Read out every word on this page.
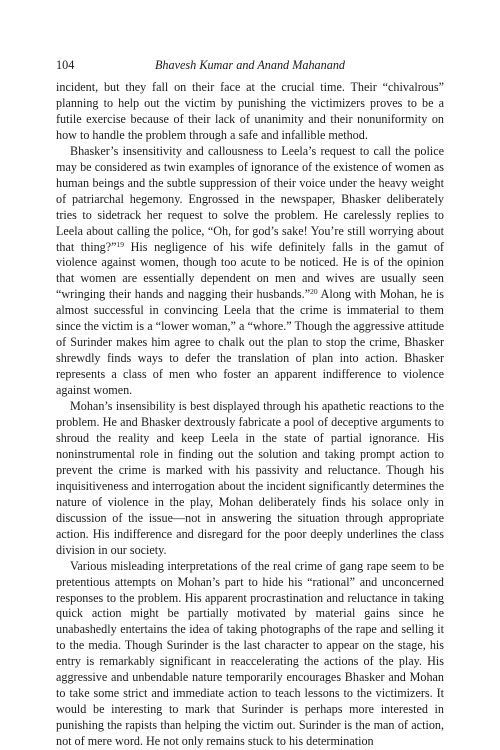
104	Bhavesh Kumar and Anand Mahanand

incident, but they fall on their face at the crucial time. Their “chivalrous” planning to help out the victim by punishing the victimizers proves to be a futile exercise because of their lack of unanimity and their nonuniformity on how to handle the problem through a safe and infallible method.

Bhasker’s insensitivity and callousness to Leela’s request to call the police may be considered as twin examples of ignorance of the existence of women as human beings and the subtle suppression of their voice under the heavy weight of patriarchal hegemony. Engrossed in the newspaper, Bhasker deliberately tries to sidetrack her request to solve the problem. He carelessly replies to Leela about calling the police, “Oh, for god’s sake! You’re still worrying about that thing?”$^{19}$ His negligence of his wife definitely falls in the gamut of violence against women, though too acute to be noticed. He is of the opinion that women are essentially dependent on men and wives are usually seen “wringing their hands and nagging their husbands.”$^{20}$ Along with Mohan, he is almost successful in convincing Leela that the crime is immaterial to them since the victim is a “lower woman,” a “whore.” Though the aggressive attitude of Surinder makes him agree to chalk out the plan to stop the crime, Bhasker shrewdly finds ways to defer the translation of plan into action. Bhasker represents a class of men who foster an apparent indifference to violence against women.

Mohan’s insensibility is best displayed through his apathetic reactions to the problem. He and Bhasker dextrously fabricate a pool of deceptive arguments to shroud the reality and keep Leela in the state of partial ignorance. His noninstrumental role in finding out the solution and taking prompt action to prevent the crime is marked with his passivity and reluctance. Though his inquisitiveness and interrogation about the incident significantly determines the nature of violence in the play, Mohan deliberately finds his solace only in discussion of the issue—not in answering the situation through appropriate action. His indifference and disregard for the poor deeply underlines the class division in our society.

Various misleading interpretations of the real crime of gang rape seem to be pretentious attempts on Mohan’s part to hide his “rational” and unconcerned responses to the problem. His apparent procrastination and reluctance in taking quick action might be partially motivated by material gains since he unabashedly entertains the idea of taking photographs of the rape and selling it to the media. Though Surinder is the last character to appear on the stage, his entry is remarkably significant in reaccelerating the actions of the play. His aggressive and unbendable nature temporarily encourages Bhasker and Mohan to take some strict and immediate action to teach lessons to the victimizers. It would be interesting to mark that Surinder is perhaps more interested in punishing the rapists than helping the victim out. Surinder is the man of action, not of mere word. He not only remains stuck to his determination
